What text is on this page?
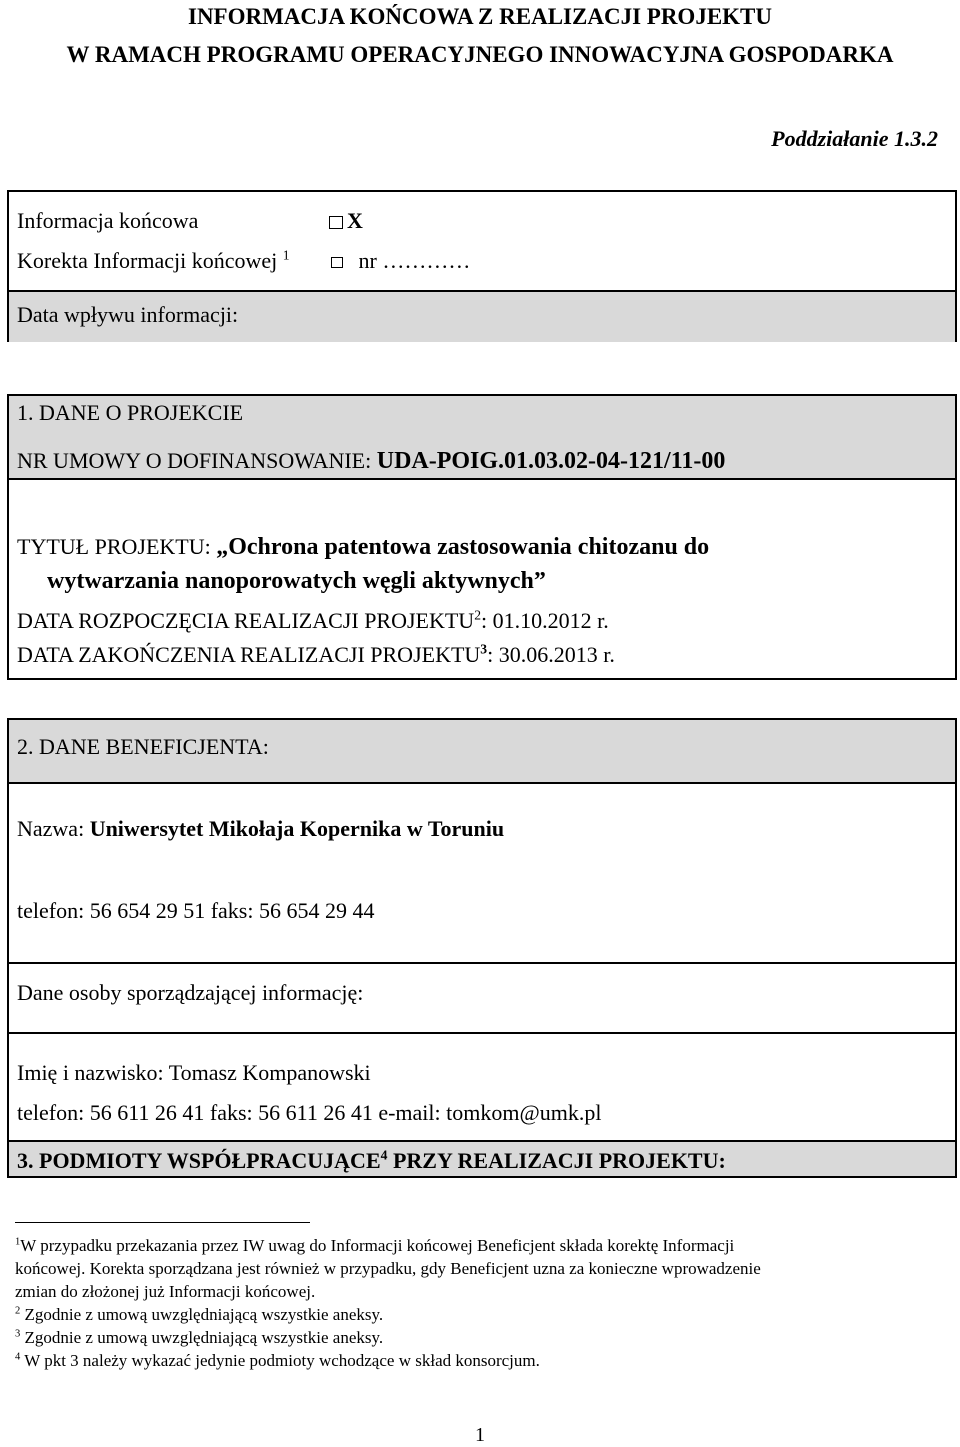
INFORMACJA KOŃCOWA Z REALIZACJI PROJEKTU
W RAMACH PROGRAMU OPERACYJNEGO INNOWACYJNA GOSPODARKA
Poddziałanie 1.3.2
Informacja końcowa	X
Korekta Informacji końcowej $^1$	nr …………
Data wpływu informacji:
1. DANE O PROJEKCIE
NR UMOWY O DOFINANSOWANIE: UDA-POIG.01.03.02-04-121/11-00
TYTUŁ PROJEKTU: „Ochrona patentowa zastosowania chitozanu do
wytwarzania nanoporowatych węgli aktywnych”
DATA ROZPOCZĘCIA REALIZACJI PROJEKTU$^2$: 01.10.2012 r.
DATA ZAKOŃCZENIA REALIZACJI PROJEKTU$^3$: 30.06.2013 r.
2. DANE BENEFICJENTA:
Nazwa: Uniwersytet Mikołaja Kopernika w Toruniu
telefon: 56 654 29 51 faks: 56 654 29 44
Dane osoby sporządzającej informację:
Imię i nazwisko: Tomasz Kompanowski
telefon: 56 611 26 41 faks: 56 611 26 41 e-mail: tomkom@umk.pl
3. PODMIOTY WSPÓŁPRACUJĄCE$^4$ PRZY REALIZACJI PROJEKTU:
$^1$W przypadku przekazania przez IW uwag do Informacji końcowej Beneficjent składa korektę Informacji
końcowej. Korekta sporządzana jest również w przypadku, gdy Beneficjent uzna za konieczne wprowadzenie
zmian do złożonej już Informacji końcowej.
$^2$ Zgodnie z umową uwzględniającą wszystkie aneksy.
$^3$ Zgodnie z umową uwzględniającą wszystkie aneksy.
$^4$ W pkt 3 należy wykazać jedynie podmioty wchodzące w skład konsorcjum.
1
